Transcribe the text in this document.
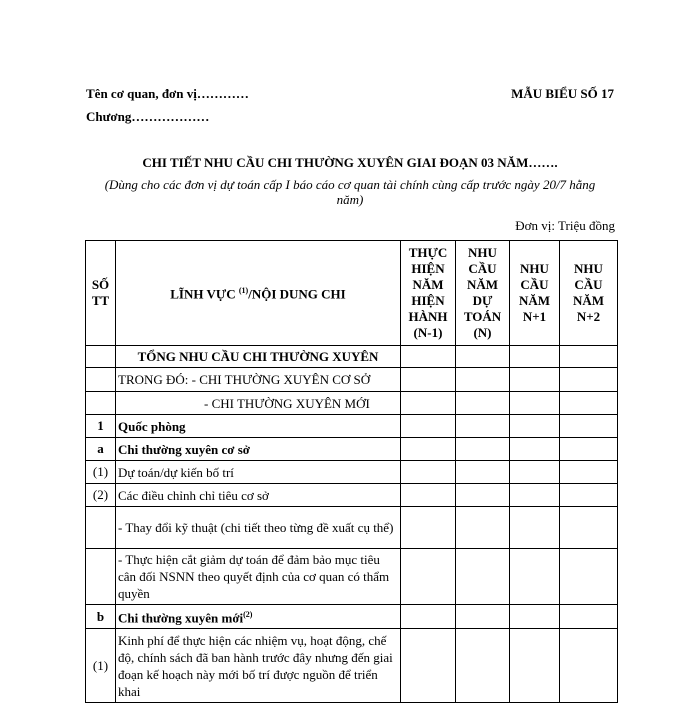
Tên cơ quan, đơn vị…………
Chương………………
MẪU BIỂU SỐ 17
CHI TIẾT NHU CẦU CHI THƯỜNG XUYÊN GIAI ĐOẠN 03 NĂM…….
(Dùng cho các đơn vị dự toán cấp I báo cáo cơ quan tài chính cùng cấp trước ngày 20/7 hằng năm)
Đơn vị: Triệu đồng
SỐ TT	LĨNH VỰC $^{(1)}$/NỘI DUNG CHI	THỰC HIỆN NĂM HIỆN HÀNH (N-1)	NHU CẦU NĂM DỰ TOÁN (N)	NHU CẦU NĂM N+1	NHU CẦU NĂM N+2
	TỔNG NHU CẦU CHI THƯỜNG XUYÊN				
	TRONG ĐÓ: - CHI THƯỜNG XUYÊN CƠ SỞ				
	- CHI THƯỜNG XUYÊN MỚI				
1	Quốc phòng				
a	Chi thường xuyên cơ sở				
(1)	Dự toán/dự kiến bố trí				
(2)	Các điều chỉnh chỉ tiêu cơ sở				
	- Thay đổi kỹ thuật (chi tiết theo từng đề xuất cụ thể)				
	- Thực hiện cắt giảm dự toán để đảm bảo mục tiêu cân đối NSNN theo quyết định của cơ quan có thẩm quyền				
b	Chi thường xuyên mới$^{(2)}$				
(1)	Kinh phí để thực hiện các nhiệm vụ, hoạt động, chế độ, chính sách đã ban hành trước đây nhưng đến giai đoạn kế hoạch này mới bố trí được nguồn để triển khai				
